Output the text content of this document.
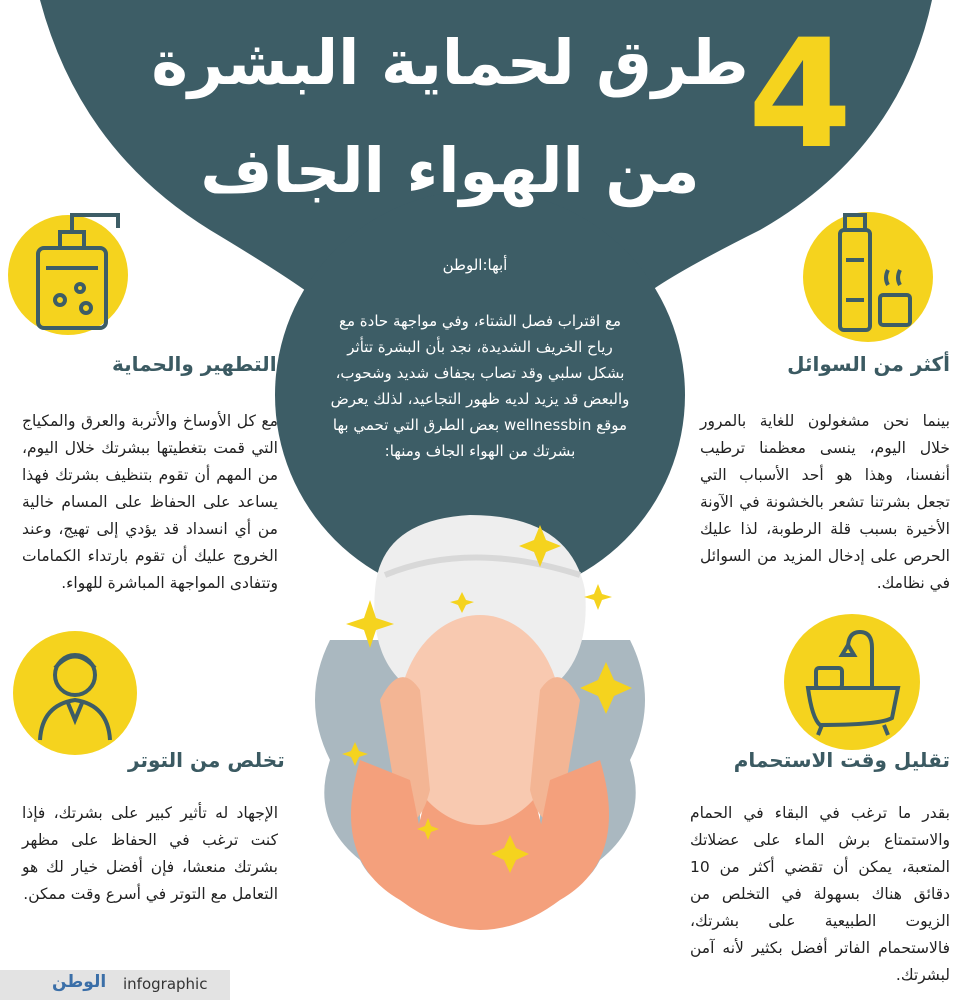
4
طرق لحماية البشرة
من الهواء الجاف
أبها:الوطن

مع اقتراب فصل الشتاء، وفي مواجهة حادة مع رياح الخريف الشديدة، نجد بأن البشرة تتأثر بشكل سلبي وقد تصاب بجفاف شديد وشحوب، والبعض قد يزيد لديه ظهور التجاعيد، لذلك يعرض موقع wellnessbin بعض الطرق التي تحمي بها بشرتك من الهواء الجاف ومنها:

أكثر من السوائل

بينما نحن مشغولون للغاية بالمرور خلال اليوم، ينسى معظمنا ترطيب أنفسنا، وهذا هو أحد الأسباب التي تجعل بشرتنا تشعر بالخشونة في الآونة الأخيرة بسبب قلة الرطوبة، لذا عليك الحرص على إدخال المزيد من السوائل في نظامك.

تقليل وقت الاستحمام

بقدر ما ترغب في البقاء في الحمام والاستمتاع برش الماء على عضلاتك المتعبة، يمكن أن تقضي أكثر من 10 دقائق هناك بسهولة في التخلص من الزيوت الطبيعية على بشرتك، فالاستحمام الفاتر أفضل بكثير لأنه آمن لبشرتك.

التطهير والحماية

مع كل الأوساخ والأتربة والعرق والمكياج التي قمت بتغطيتها ببشرتك خلال اليوم، من المهم أن تقوم بتنظيف بشرتك فهذا يساعد على الحفاظ على المسام خالية من أي انسداد قد يؤدي إلى تهيج، وعند الخروج عليك أن تقوم بارتداء الكمامات وتتفادى المواجهة المباشرة للهواء.

تخلص من التوتر

الإجهاد له تأثير كبير على بشرتك، فإذا كنت ترغب في الحفاظ على مظهر بشرتك منعشا، فإن أفضل خيار لك هو التعامل مع التوتر في أسرع وقت ممكن.

الوطن infographic
